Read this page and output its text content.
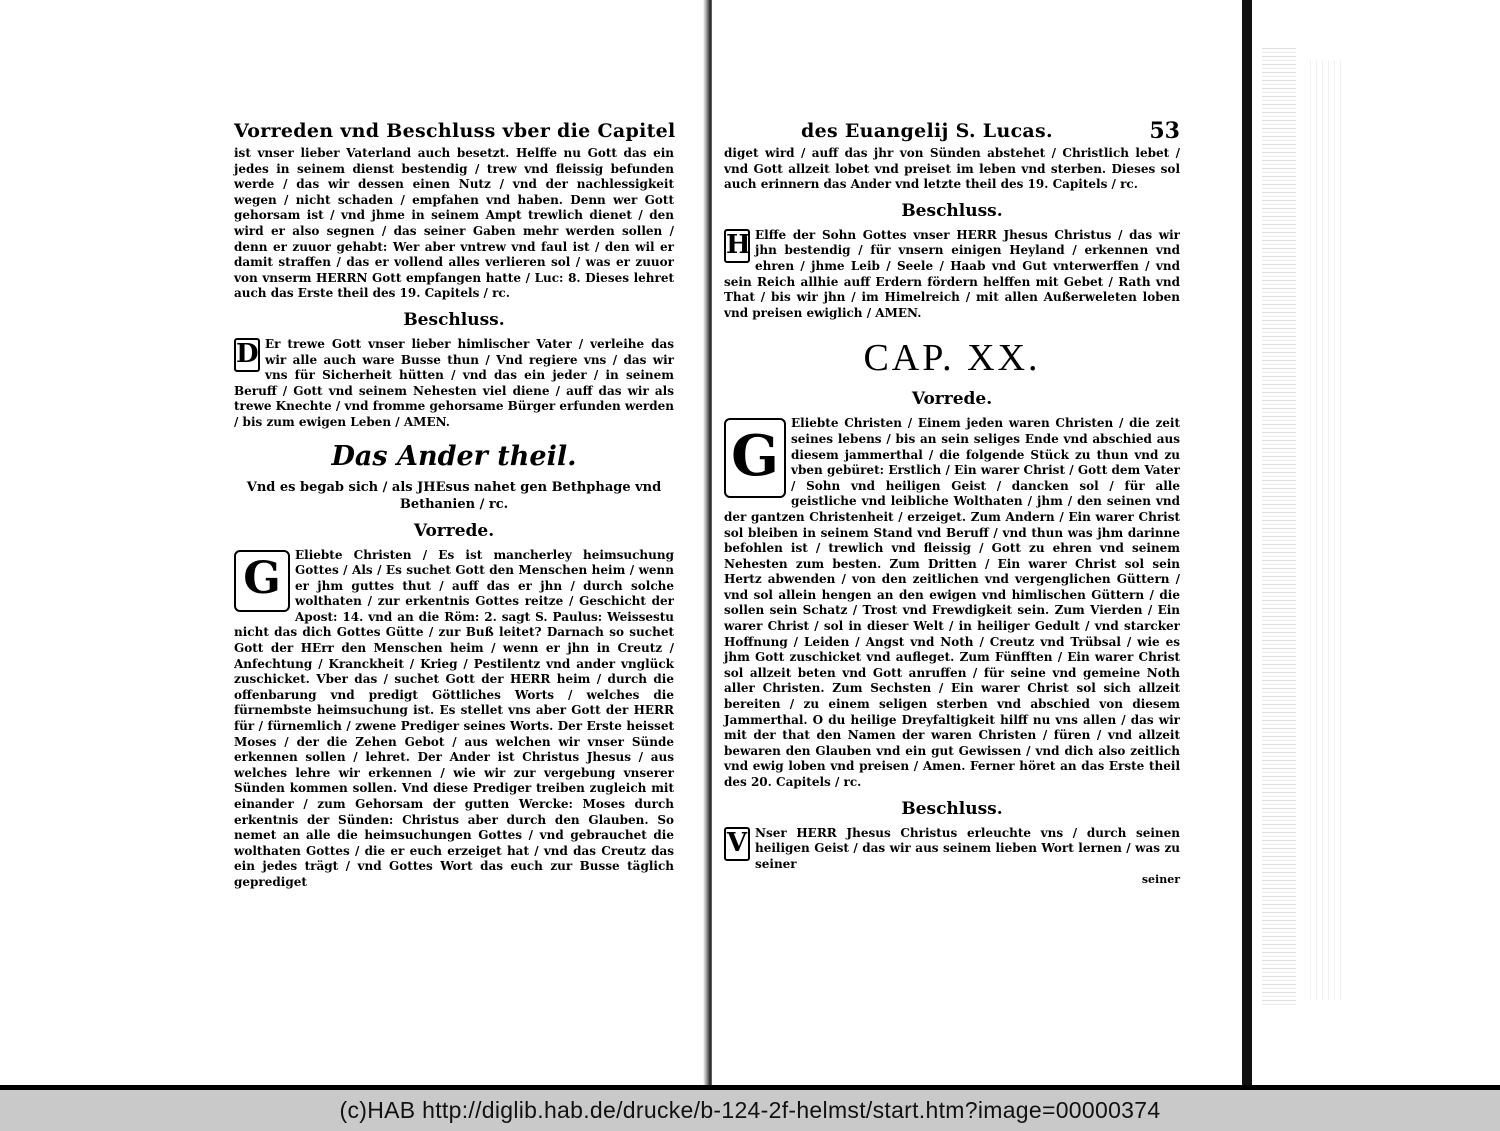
Vorreden vnd Beschluss vber die Capitel

ist vnser lieber Vaterland auch besetzt. Helffe nu Gott das ein jedes in seinem dienst bestendig / trew vnd fleissig befunden werde / das wir dessen einen Nutz / vnd der nachlessigkeit wegen / nicht schaden / empfahen vnd haben. Denn wer Gott gehorsam ist / vnd jhme in seinem Ampt trewlich dienet / den wird er also segnen / das seiner Gaben mehr werden sollen / denn er zuuor gehabt: Wer aber vntrew vnd faul ist / den wil er damit straffen / das er vollend alles verlieren sol / was er zuuor von vnserm HERRN Gott empfangen hatte / Luc: 8. Dieses lehret auch das Erste theil des 19. Capitels / rc.

Beschluss.

D Er trewe Gott vnser lieber himlischer Vater / verleihe das wir alle auch ware Busse thun / Vnd regiere vns / das wir vns für Sicherheit hütten / vnd das ein jeder / in seinem Beruff / Gott vnd seinem Nehesten viel diene / auff das wir als trewe Knechte / vnd fromme gehorsame Bürger erfunden werden / bis zum ewigen Leben / AMEN.

Das Ander theil.
Vnd es begab sich / als JHEsus nahet gen Bethphage vnd Bethanien / rc.
Vorrede.

G	Eliebte Christen / Es ist mancherley heimsuchung Gottes / Als / Es suchet Gott den Menschen heim / wenn er jhm guttes thut / auff das er jhn / durch solche wolthaten / zur erkentnis Gottes reitze / Geschicht der Apost: 14. vnd an die Röm: 2. sagt S. Paulus: Weissestu nicht das dich Gottes Gütte / zur Buß leitet? Darnach so suchet Gott der HErr den Menschen heim / wenn er jhn in Creutz / Anfechtung / Kranckheit / Krieg / Pestilentz vnd ander vnglück zuschicket. Vber das / suchet Gott der HERR heim / durch die offenbarung vnd predigt Göttliches Worts / welches die fürnembste heimsuchung ist. Es stellet vns aber Gott der HERR für / fürnemlich / zwene Prediger seines Worts. Der Erste heisset Moses / der die Zehen Gebot / aus welchen wir vnser Sünde erkennen sollen / lehret. Der Ander ist Christus Jhesus / aus welches lehre wir erkennen / wie wir zur vergebung vnserer Sünden kommen sollen. Vnd diese Prediger treiben zugleich mit einander / zum Gehorsam der gutten Wercke: Moses durch erkentnis der Sünden: Christus aber durch den Glauben. So nemet an alle die heimsuchungen Gottes / vnd gebrauchet die wolthaten Gottes / die er euch erzeiget hat / vnd das Creutz das ein jedes trägt / vnd Gottes Wort das euch zur Busse täglich geprediget

des Euangelij S. Lucas.	53

diget wird / auff das jhr von Sünden abstehet / Christlich lebet / vnd Gott allzeit lobet vnd preiset im leben vnd sterben. Dieses sol auch erinnern das Ander vnd letzte theil des 19. Capitels / rc.

Beschluss.

H Elffe der Sohn Gottes vnser HERR Jhesus Christus / das wir jhn bestendig / für vnsern einigen Heyland / erkennen vnd ehren / jhme Leib / Seele / Haab vnd Gut vnterwerffen / vnd sein Reich allhie auff Erdern fördern helffen mit Gebet / Rath vnd That / bis wir jhn / im Himelreich / mit allen Außerweleten loben vnd preisen ewiglich / AMEN.

CAP. XX.
Vorrede.

G	Eliebte Christen / Einem jeden waren Christen / die zeit seines lebens / bis an sein seliges Ende vnd abschied aus diesem jammerthal / die folgende Stück zu thun vnd zu vben gebüret: Erstlich / Ein warer Christ / Gott dem Vater / Sohn vnd heiligen Geist / dancken sol / für alle geistliche vnd leibliche Wolthaten / jhm / den seinen vnd der gantzen Christenheit / erzeiget. Zum Andern / Ein warer Christ sol bleiben in seinem Stand vnd Beruff / vnd thun was jhm darinne befohlen ist / trewlich vnd fleissig / Gott zu ehren vnd seinem Nehesten zum besten. Zum Dritten / Ein warer Christ sol sein Hertz abwenden / von den zeitlichen vnd vergenglichen Güttern / vnd sol allein hengen an den ewigen vnd himlischen Güttern / die sollen sein Schatz / Trost vnd Frewdigkeit sein. Zum Vierden / Ein warer Christ / sol in dieser Welt / in heiliger Gedult / vnd starcker Hoffnung / Leiden / Angst vnd Noth / Creutz vnd Trübsal / wie es jhm Gott zuschicket vnd aufleget. Zum Fünfften / Ein warer Christ sol allzeit beten vnd Gott anruffen / für seine vnd gemeine Noth aller Christen. Zum Sechsten / Ein warer Christ sol sich allzeit bereiten / zu einem seligen sterben vnd abschied von diesem Jammerthal. O du heilige Dreyfaltigkeit hilff nu vns allen / das wir mit der that den Namen der waren Christen / füren / vnd allzeit bewaren den Glauben vnd ein gut Gewissen / vnd dich also zeitlich vnd ewig loben vnd preisen / Amen. Ferner höret an das Erste theil des 20. Capitels / rc.

Beschluss.

V Nser HERR Jhesus Christus erleuchte vns / durch seinen heiligen Geist / das wir aus seinem lieben Wort lernen / was zu seiner

seiner
(c)HAB http://diglib.hab.de/drucke/b-124-2f-helmst/start.htm?image=00000374
